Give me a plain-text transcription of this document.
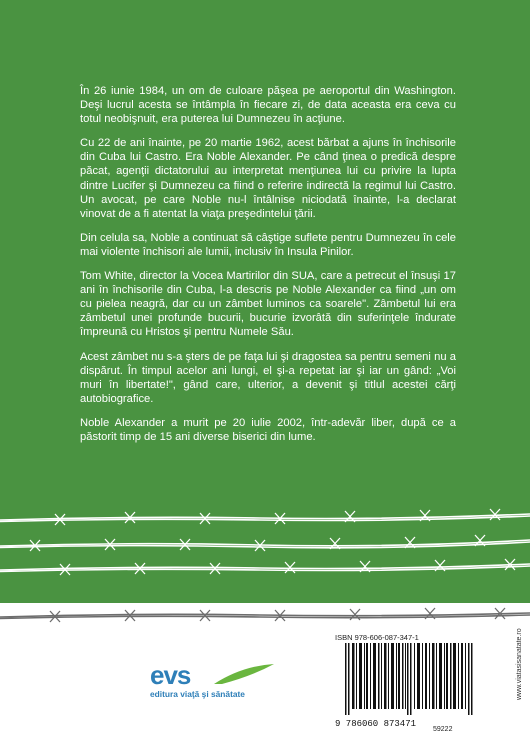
În 26 iunie 1984, un om de culoare păşea pe aeroportul din Washington. Deşi lucrul acesta se întâmpla în fiecare zi, de data aceasta era ceva cu totul neobişnuit, era puterea lui Dumnezeu în acţiune.

Cu 22 de ani înainte, pe 20 martie 1962, acest bărbat a ajuns în închisorile din Cuba lui Castro. Era Noble Alexander. Pe când ţinea o predică despre păcat, agenţii dictatorului au interpretat menţiunea lui cu privire la lupta dintre Lucifer şi Dumnezeu ca fiind o referire indirectă la regimul lui Castro. Un avocat, pe care Noble nu-l întâlnise niciodată înainte, l-a declarat vinovat de a fi atentat la viaţa preşedintelui ţării.

Din celula sa, Noble a continuat să câştige suflete pentru Dumnezeu în cele mai violente închisori ale lumii, inclusiv în Insula Pinilor.

Tom White, director la Vocea Martirilor din SUA, care a petrecut el însuşi 17 ani în închisorile din Cuba, l-a descris pe Noble Alexander ca fiind „un om cu pielea neagră, dar cu un zâmbet luminos ca soarele". Zâmbetul lui era zâmbetul unei profunde bucurii, bucurie izvorâtă din suferinţele îndurate împreună cu Hristos şi pentru Numele Său.

Acest zâmbet nu s-a şters de pe faţa lui şi dragostea sa pentru semeni nu a dispărut. În timpul acelor ani lungi, el şi-a repetat iar şi iar un gând: „Voi muri în libertate!", gând care, ulterior, a devenit şi titlul acestei cărţi autobiografice.

Noble Alexander a murit pe 20 iulie 2002, într-adevăr liber, după ce a păstorit timp de 15 ani diverse biserici din lume.

evs
editura viaţă şi sănătate
ISBN 978-606-087-347-1
9 786060 873471
59222
www.viatasisanatate.ro
